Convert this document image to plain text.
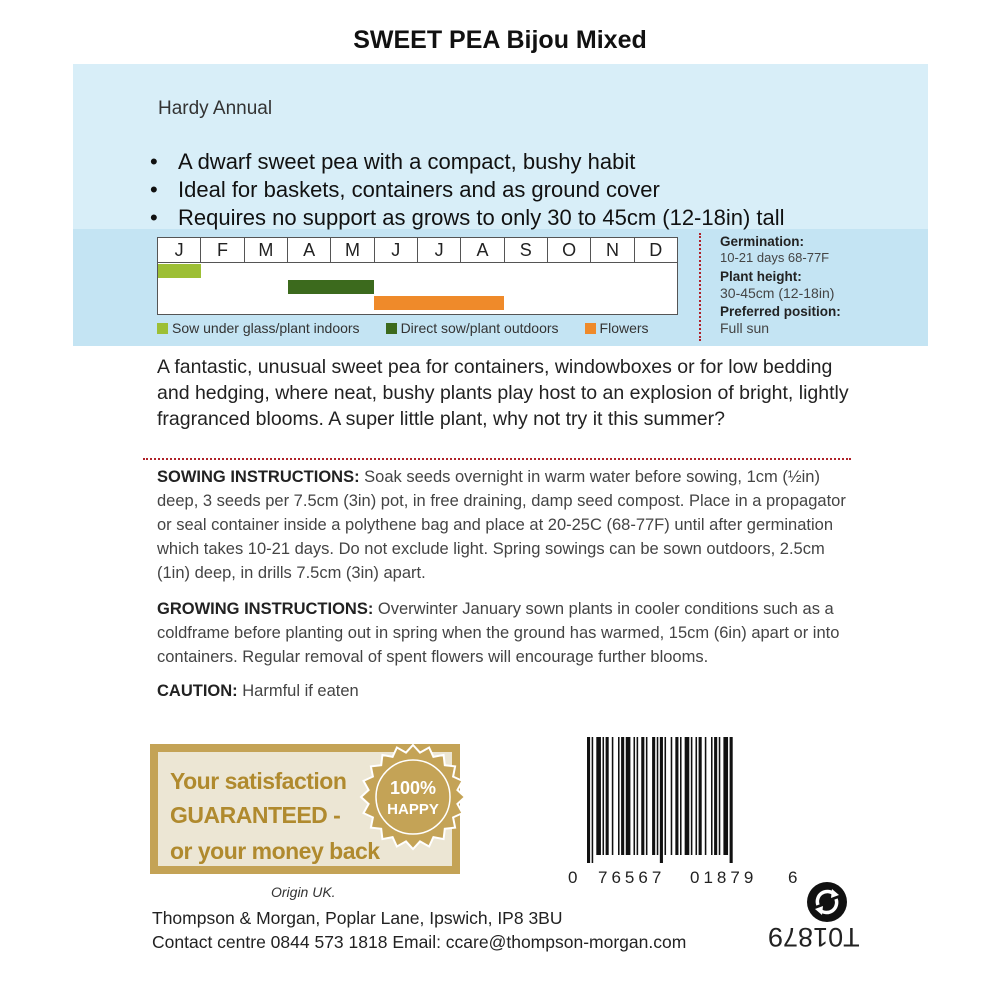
SWEET PEA Bijou Mixed
Hardy Annual
• A dwarf sweet pea with a compact, bushy habit
• Ideal for baskets, containers and as ground cover
• Requires no support as grows to only 30 to 45cm (12-18in) tall
J	F	M	A	M	J	J	A	S	O	N	D
Sow under glass/plant indoors	Direct sow/plant outdoors	Flowers
Germination:
10-21 days 68-77F
Plant height:
30-45cm (12-18in)
Preferred position:
Full sun
A fantastic, unusual sweet pea for containers, windowboxes or for low bedding and hedging, where neat, bushy plants play host to an explosion of bright, lightly fragranced blooms. A super little plant, why not try it this summer?
SOWING INSTRUCTIONS: Soak seeds overnight in warm water before sowing, 1cm (½in) deep, 3 seeds per 7.5cm (3in) pot, in free draining, damp seed compost. Place in a propagator or seal container inside a polythene bag and place at 20-25C (68-77F) until after germination which takes 10-21 days. Do not exclude light. Spring sowings can be sown outdoors, 2.5cm (1in) deep, in drills 7.5cm (3in) apart.
GROWING INSTRUCTIONS: Overwinter January sown plants in cooler conditions such as a coldframe before planting out in spring when the ground has warmed, 15cm (6in) apart or into containers. Regular removal of spent flowers will encourage further blooms.
CAUTION: Harmful if eaten
Your satisfaction
GUARANTEED -
or your money back
100%
HAPPY
Origin UK.
Thompson & Morgan, Poplar Lane, Ipswich, IP8 3BU
Contact centre 0844 573 1818 Email: ccare@thompson-morgan.com
0 76567 01879 6
T01879
